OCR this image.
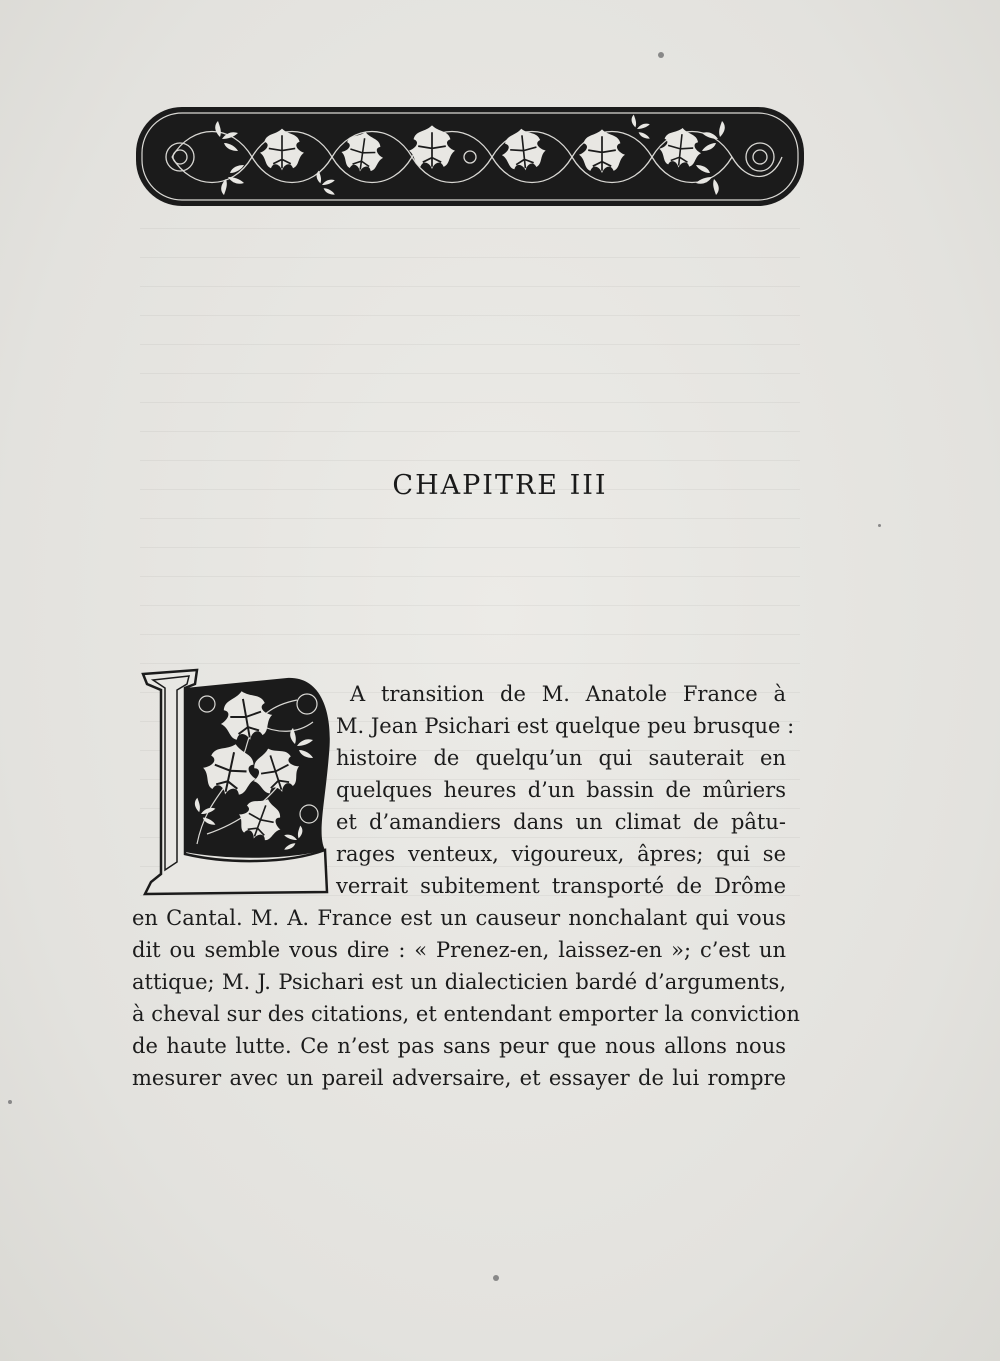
CHAPITRE III
A transition de M. Anatole France à
M. Jean Psichari est quelque peu brusque :
histoire de quelqu’un qui sauterait en
quelques heures d’un bassin de mûriers
et d’amandiers dans un climat de pâtu-
rages venteux, vigoureux, âpres; qui se
verrait subitement transporté de Drôme
en Cantal. M. A. France est un causeur nonchalant qui vous
dit ou semble vous dire : « Prenez-en, laissez-en »; c’est un
attique; M. J. Psichari est un dialecticien bardé d’arguments,
à cheval sur des citations, et entendant emporter la conviction
de haute lutte. Ce n’est pas sans peur que nous allons nous
mesurer avec un pareil adversaire, et essayer de lui rompre
